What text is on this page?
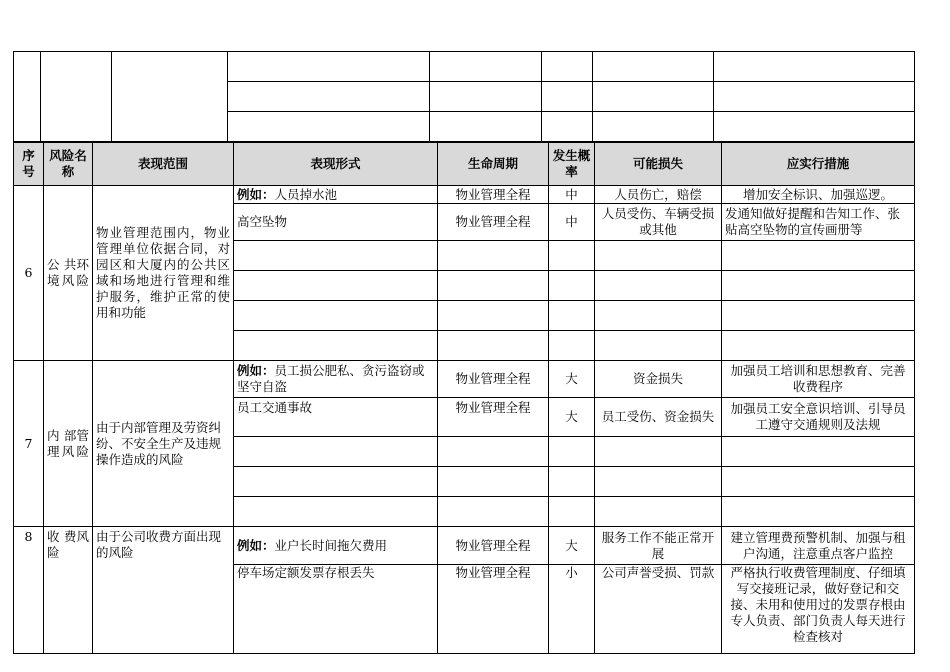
序号	风险名称	表现范围	表现形式	生命周期	发生概率	可能损失	应实行措施
6	公 共环 境风险	物业管理范围内，物业管理单位依据合同，对园区和大厦内的公共区域和场地进行管理和维护服务，维护正常的使用和功能	例如：人员掉水池	物业管理全程	中	人员伤亡，赔偿	增加安全标识、加强巡逻。
			高空坠物	物业管理全程	中	人员受伤、车辆受损或其他	发通知做好提醒和告知工作、张贴高空坠物的宣传画册等

7	内 部管 理风险	由于内部管理及劳资纠纷、不安全生产及违规操作造成的风险	例如：员工损公肥私、贪污盗窃或坚守自盗	物业管理全程	大	资金损失	加强员工培训和思想教育、完善收费程序
			员工交通事故	物业管理全程	大	员工受伤、资金损失	加强员工安全意识培训、引导员工遵守交通规则及法规

8	收 费风险	由于公司收费方面出现的风险	例如：业户长时间拖欠费用	物业管理全程	大	服务工作不能正常开展	建立管理费预警机制、加强与租户沟通，注意重点客户监控
			停车场定额发票存根丢失	物业管理全程	小	公司声誉受损、罚款	严格执行收费管理制度、仔细填写交接班记录，做好登记和交接、未用和使用过的发票存根由专人负责、部门负责人每天进行检查核对
